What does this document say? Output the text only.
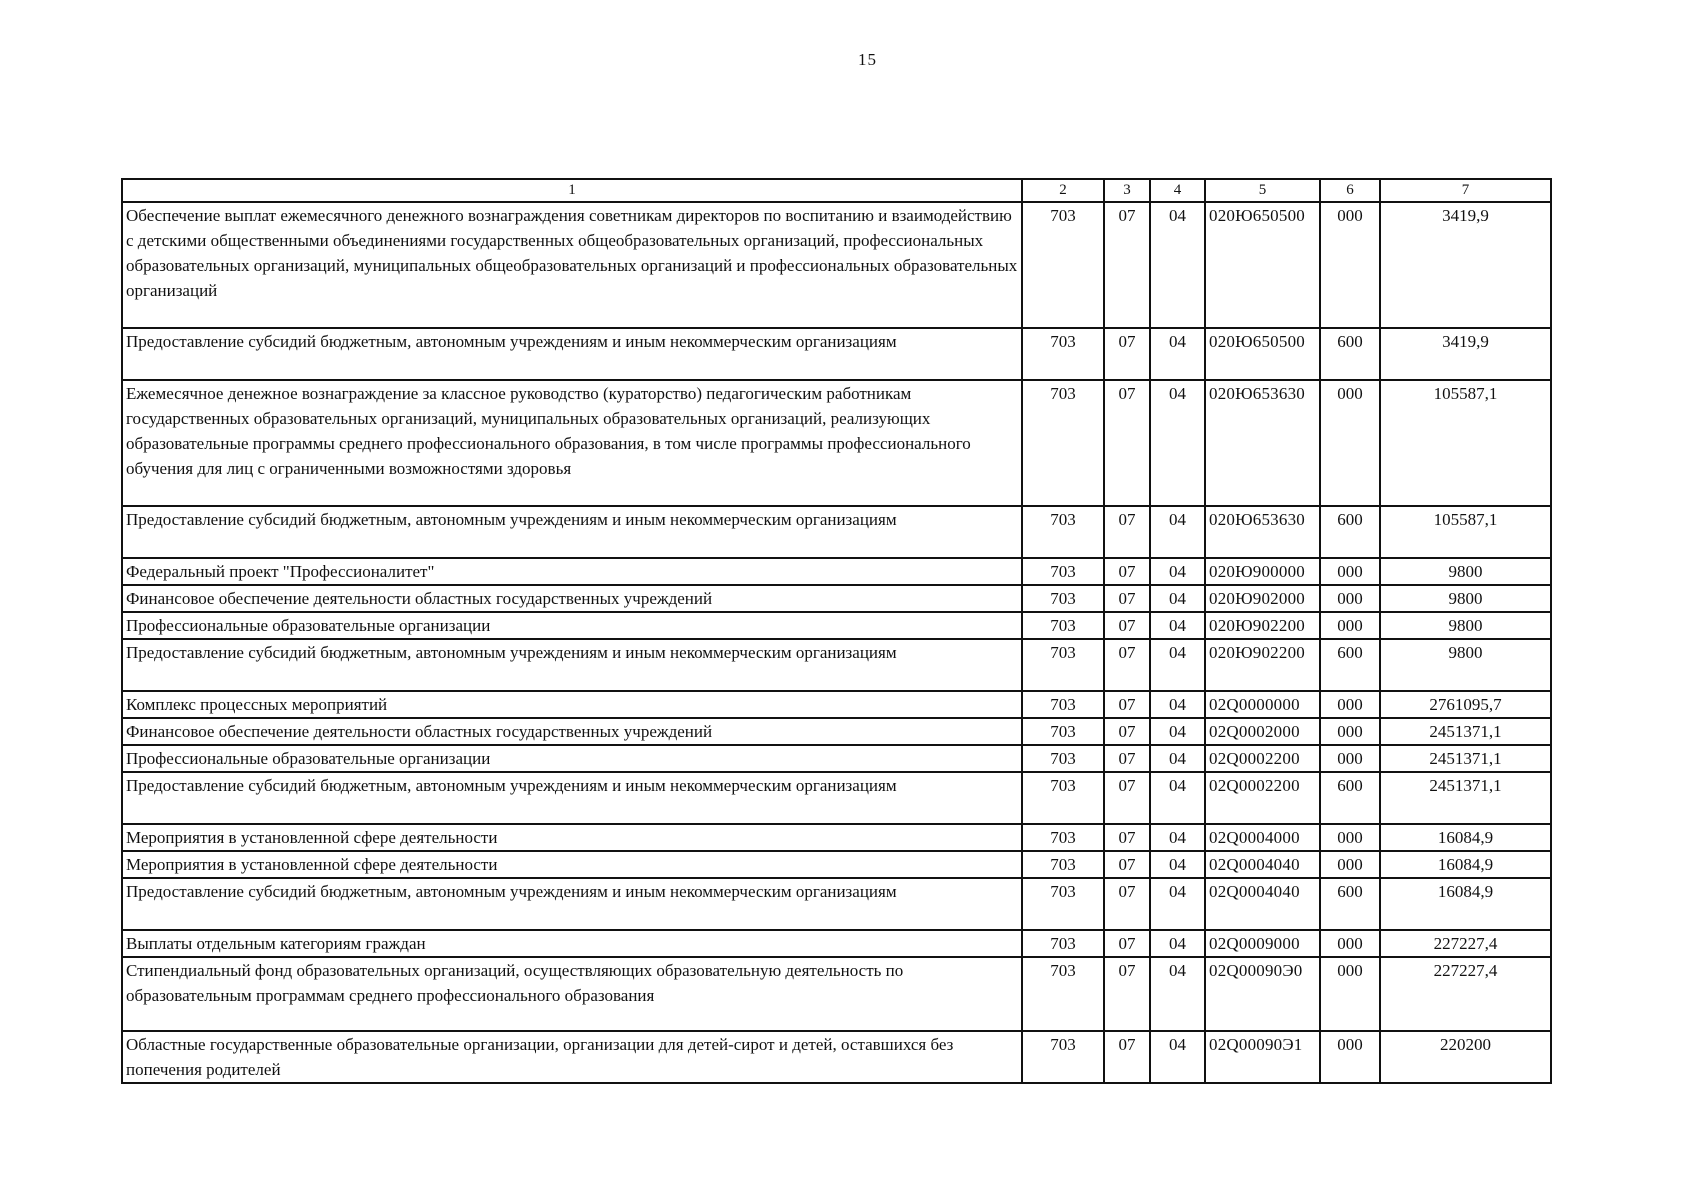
15
1	2	3	4	5	6	7
Обеспечение выплат ежемесячного денежного вознаграждения советникам директоров по воспитанию и взаимодействию с детскими общественными объединениями государственных общеобразовательных организаций, профессиональных образовательных организаций, муниципальных общеобразовательных организаций и профессиональных образовательных организаций	703	07	04	020Ю650500	000	3419,9
Предоставление субсидий бюджетным, автономным учреждениям и иным некоммерческим организациям	703	07	04	020Ю650500	600	3419,9
Ежемесячное денежное вознаграждение за классное руководство (кураторство) педагогическим работникам государственных образовательных организаций, муниципальных образовательных организаций, реализующих образовательные программы среднего профессионального образования, в том числе программы профессионального обучения для лиц с ограниченными возможностями здоровья	703	07	04	020Ю653630	000	105587,1
Предоставление субсидий бюджетным, автономным учреждениям и иным некоммерческим организациям	703	07	04	020Ю653630	600	105587,1
Федеральный проект "Профессионалитет"	703	07	04	020Ю900000	000	9800
Финансовое обеспечение деятельности областных государственных учреждений	703	07	04	020Ю902000	000	9800
Профессиональные образовательные организации	703	07	04	020Ю902200	000	9800
Предоставление субсидий бюджетным, автономным учреждениям и иным некоммерческим организациям	703	07	04	020Ю902200	600	9800
Комплекс процессных мероприятий	703	07	04	02Q0000000	000	2761095,7
Финансовое обеспечение деятельности областных государственных учреждений	703	07	04	02Q0002000	000	2451371,1
Профессиональные образовательные организации	703	07	04	02Q0002200	000	2451371,1
Предоставление субсидий бюджетным, автономным учреждениям и иным некоммерческим организациям	703	07	04	02Q0002200	600	2451371,1
Мероприятия в установленной сфере деятельности	703	07	04	02Q0004000	000	16084,9
Мероприятия в установленной сфере деятельности	703	07	04	02Q0004040	000	16084,9
Предоставление субсидий бюджетным, автономным учреждениям и иным некоммерческим организациям	703	07	04	02Q0004040	600	16084,9
Выплаты отдельным категориям граждан	703	07	04	02Q0009000	000	227227,4
Стипендиальный фонд образовательных организаций, осуществляющих образовательную деятельность по образовательным программам среднего профессионального образования	703	07	04	02Q00090Э0	000	227227,4
Областные государственные образовательные организации, организации для детей-сирот и детей, оставшихся без попечения родителей	703	07	04	02Q00090Э1	000	220200
